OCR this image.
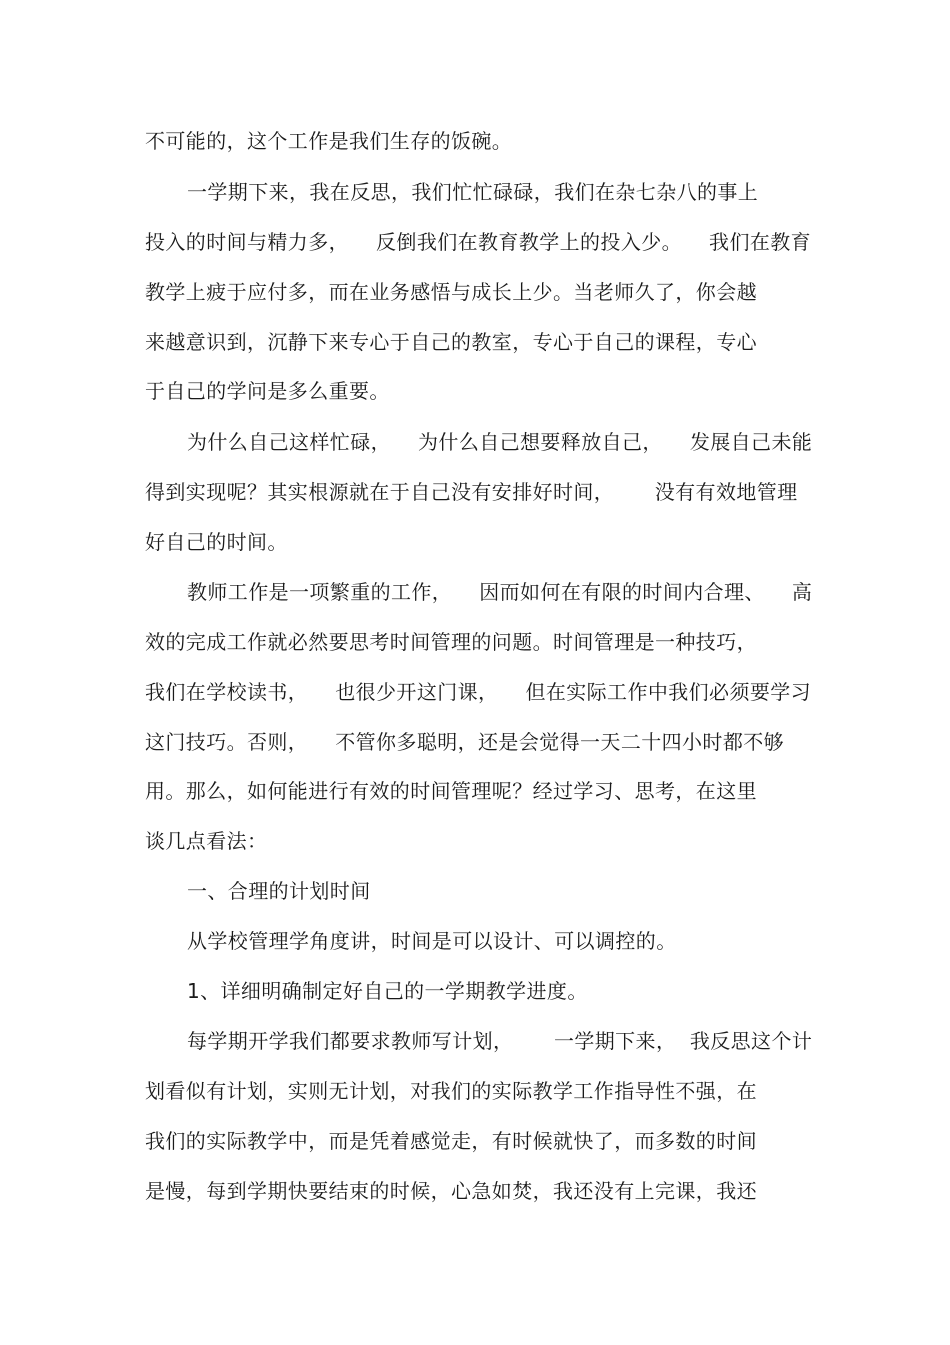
不可能的，这个工作是我们生存的饭碗。
一学期下来，我在反思，我们忙忙碌碌，我们在杂七杂八的事上
投入的时间与精力多，    反倒我们在教育教学上的投入少。    我们在教育
教学上疲于应付多，而在业务感悟与成长上少。当老师久了，你会越
来越意识到，沉静下来专心于自己的教室，专心于自己的课程，专心
于自己的学问是多么重要。
为什么自己这样忙碌，    为什么自己想要释放自己，    发展自己未能
得到实现呢？其实根源就在于自己没有安排好时间，      没有有效地管理
好自己的时间。
教师工作是一项繁重的工作，    因而如何在有限的时间内合理、    高
效的完成工作就必然要思考时间管理的问题。时间管理是一种技巧，
我们在学校读书，    也很少开这门课，    但在实际工作中我们必须要学习
这门技巧。否则，    不管你多聪明，还是会觉得一天二十四小时都不够
用。那么，如何能进行有效的时间管理呢？经过学习、思考，在这里
谈几点看法：
一、合理的计划时间
从学校管理学角度讲，时间是可以设计、可以调控的。
1、详细明确制定好自己的一学期教学进度。
每学期开学我们都要求教师写计划，      一学期下来，  我反思这个计
划看似有计划，实则无计划，对我们的实际教学工作指导性不强，在
我们的实际教学中，而是凭着感觉走，有时候就快了，而多数的时间
是慢，每到学期快要结束的时候，心急如焚，我还没有上完课，我还
